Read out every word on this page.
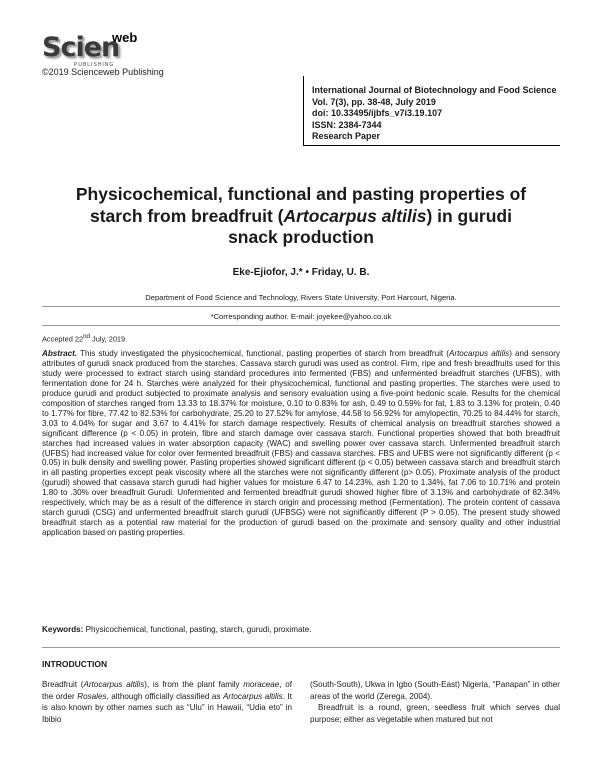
Scien
web
PUBLISHING
©2019 Scienceweb Publishing
International Journal of Biotechnology and Food Science
Vol. 7(3), pp. 38-48, July 2019
doi: 10.33495/ijbfs_v7i3.19.107
ISSN: 2384-7344
Research Paper
Physicochemical, functional and pasting properties of
starch from breadfruit (Artocarpus altilis) in gurudi
snack production
Eke-Ejiofor, J.* • Friday, U. B.
Department of Food Science and Technology, Rivers State University, Port Harcourt, Nigeria.
*Corresponding author. E-mail: joyekee@yahoo.co.uk
Accepted 22nd July, 2019.

Abstract. This study investigated the physicochemical, functional, pasting properties of starch from breadfruit (Artocarpus altilis) and sensory attributes of gurudi snack produced from the starches. Cassava starch gurudi was used as control. Firm, ripe and fresh breadfruits used for this study were processed to extract starch using standard procedures into fermented (FBS) and unfermented breadfruit starches (UFBS), with fermentation done for 24 h. Starches were analyzed for their physicochemical, functional and pasting properties. The starches were used to produce gurudi and product subjected to proximate analysis and sensory evaluation using a five-point hedonic scale. Results for the chemical composition of starches ranged from 13.33 to 18.37% for moisture, 0.10 to 0.83% for ash, 0.49 to 0.59% for fat, 1.83 to 3.13% for protein, 0.40 to 1.77% for fibre, 77.42 to 82.53% for carbohydrate, 25.20 to 27.52% for amylose, 44.58 to 56.92% for amylopectin, 70.25 to 84.44% for starch, 3.03 to 4.04% for sugar and 3.67 to 4.41% for starch damage respectively. Results of chemical analysis on breadfruit starches showed a significant difference (p < 0.05) in protein, fibre and starch damage over cassava starch. Functional properties showed that both breadfruit starches had increased values in water absorption capacity (WAC) and swelling power over cassava starch. Unfermented breadfruit starch (UFBS) had increased value for color over fermented breadfruit (FBS) and cassava starches. FBS and UFBS were not significantly different (p < 0.05) in bulk density and swelling power. Pasting properties showed significant different (p < 0.05) between cassava starch and breadfruit starch in all pasting properties except peak viscosity where all the starches were not significantly different (p> 0.05). Proximate analysis of the product (gurudi) showed that cassava starch gurudi had higher values for moisture 6.47 to 14.23%, ash 1.20 to 1.34%, fat 7.06 to 10.71% and protein 1.80 to .30% over breadfruit Gurudi. Unfermented and fermented breadfruit gurudi showed higher fibre of 3.13% and carbohydrate of 82.34% respectively, which may be as a result of the difference in starch origin and processing method (Fermentation). The protein content of cassava starch gurudi (CSG) and unfermented breadfruit starch gurudi (UFBSG) were not significantly different (P > 0.05). The present study showed breadfruit starch as a potential raw material for the production of gurudi based on the proximate and sensory quality and other industrial application based on pasting properties.

Keywords: Physicochemical, functional, pasting, starch, gurudi, proximate.
INTRODUCTION

Breadfruit (Artocarpus altilis), is from the plant family moraceae, of the order Rosales, although officially classified as Artocarpus altilis. It is also known by other names such as “Ulu” in Hawaii, “Udia eto” in Ibibio

(South-South), Ukwa in Igbo (South-East) Nigeria, “Panapan” in other areas of the world (Zerega, 2004).

Breadfruit is a round, green, seedless fruit which serves dual purpose; either as vegetable when matured but not
